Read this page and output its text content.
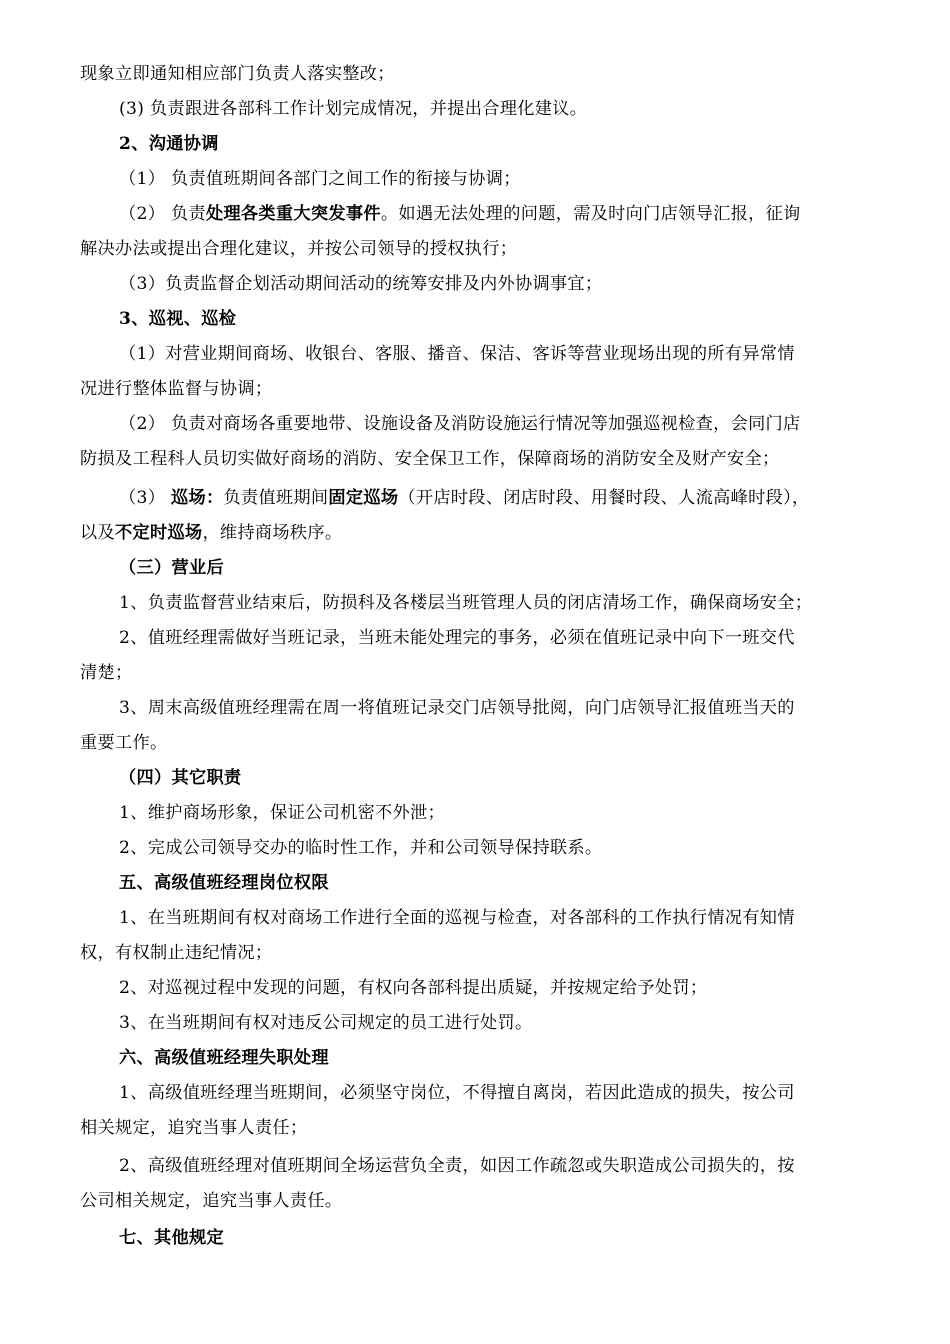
现象立即通知相应部门负责人落实整改；
(3) 负责跟进各部科工作计划完成情况，并提出合理化建议。
2、沟通协调
（1） 负责值班期间各部门之间工作的衔接与协调；
（2） 负责处理各类重大突发事件。如遇无法处理的问题，需及时向门店领导汇报，征询
解决办法或提出合理化建议，并按公司领导的授权执行；
（3）负责监督企划活动期间活动的统筹安排及内外协调事宜；
3、巡视、巡检
（1）对营业期间商场、收银台、客服、播音、保洁、客诉等营业现场出现的所有异常情
况进行整体监督与协调；
（2） 负责对商场各重要地带、设施设备及消防设施运行情况等加强巡视检查，会同门店
防损及工程科人员切实做好商场的消防、安全保卫工作，保障商场的消防安全及财产安全；
（3） 巡场：负责值班期间固定巡场（开店时段、闭店时段、用餐时段、人流高峰时段），
以及不定时巡场，维持商场秩序。
（三）营业后
1、负责监督营业结束后，防损科及各楼层当班管理人员的闭店清场工作，确保商场安全；
2、值班经理需做好当班记录，当班未能处理完的事务，必须在值班记录中向下一班交代
清楚；
3、周末高级值班经理需在周一将值班记录交门店领导批阅，向门店领导汇报值班当天的
重要工作。
（四）其它职责
1、维护商场形象，保证公司机密不外泄；
2、完成公司领导交办的临时性工作，并和公司领导保持联系。
五、高级值班经理岗位权限
1、在当班期间有权对商场工作进行全面的巡视与检查，对各部科的工作执行情况有知情
权，有权制止违纪情况；
2、对巡视过程中发现的问题，有权向各部科提出质疑，并按规定给予处罚；
3、在当班期间有权对违反公司规定的员工进行处罚。
六、高级值班经理失职处理
1、高级值班经理当班期间，必须坚守岗位，不得擅自离岗，若因此造成的损失，按公司
相关规定，追究当事人责任；
2、高级值班经理对值班期间全场运营负全责，如因工作疏忽或失职造成公司损失的，按
公司相关规定，追究当事人责任。
七、其他规定
